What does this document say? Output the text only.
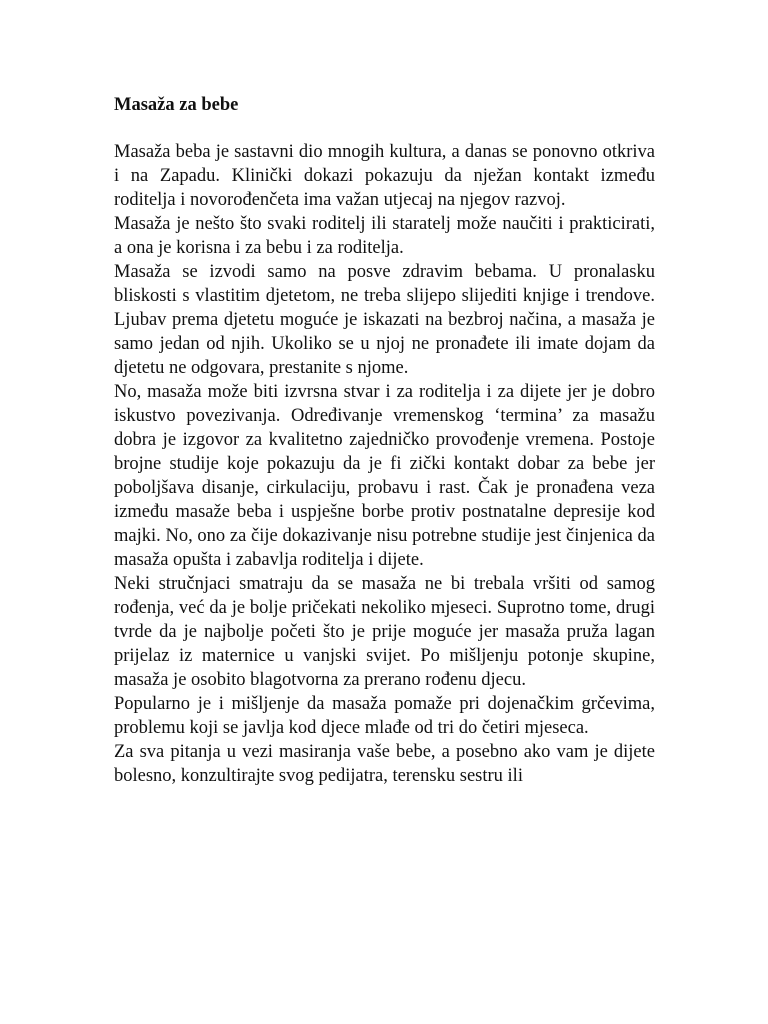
Masaža za bebe

Masaža beba je sastavni dio mnogih kultura, a danas se ponovno otkriva i na Zapadu. Klinički dokazi pokazuju da nježan kontakt između roditelja i novorođenčeta ima važan utjecaj na njegov razvoj.

Masaža je nešto što svaki roditelj ili staratelj može naučiti i prakticirati, a ona je korisna i za bebu i za roditelja.

Masaža se izvodi samo na posve zdravim bebama. U pronalasku bliskosti s vlastitim djetetom, ne treba slijepo slijediti knjige i trendove. Ljubav prema djetetu moguće je iskazati na bezbroj načina, a masaža je samo jedan od njih. Ukoliko se u njoj ne pronađete ili imate dojam da djetetu ne odgovara, prestanite s njome.

No, masaža može biti izvrsna stvar i za roditelja i za dijete jer je dobro iskustvo povezivanja. Određivanje vremenskog ‘termina’ za masažu dobra je izgovor za kvalitetno zajedničko provođenje vremena. Postoje brojne studije koje pokazuju da je fi zički kontakt dobar za bebe jer poboljšava disanje, cirkulaciju, probavu i rast. Čak je pronađena veza između masaže beba i uspješne borbe protiv postnatalne depresije kod majki. No, ono za čije dokazivanje nisu potrebne studije jest činjenica da masaža opušta i zabavlja roditelja i dijete.

Neki stručnjaci smatraju da se masaža ne bi trebala vršiti od samog rođenja, već da je bolje pričekati nekoliko mjeseci. Suprotno tome, drugi tvrde da je najbolje početi što je prije moguće jer masaža pruža lagan prijelaz iz maternice u vanjski svijet. Po mišljenju potonje skupine, masaža je osobito blagotvorna za prerano rođenu djecu.

Popularno je i mišljenje da masaža pomaže pri dojenačkim grčevima, problemu koji se javlja kod djece mlađe od tri do četiri mjeseca.

Za sva pitanja u vezi masiranja vaše bebe, a posebno ako vam je dijete bolesno, konzultirajte svog pedijatra, terensku sestru ili
